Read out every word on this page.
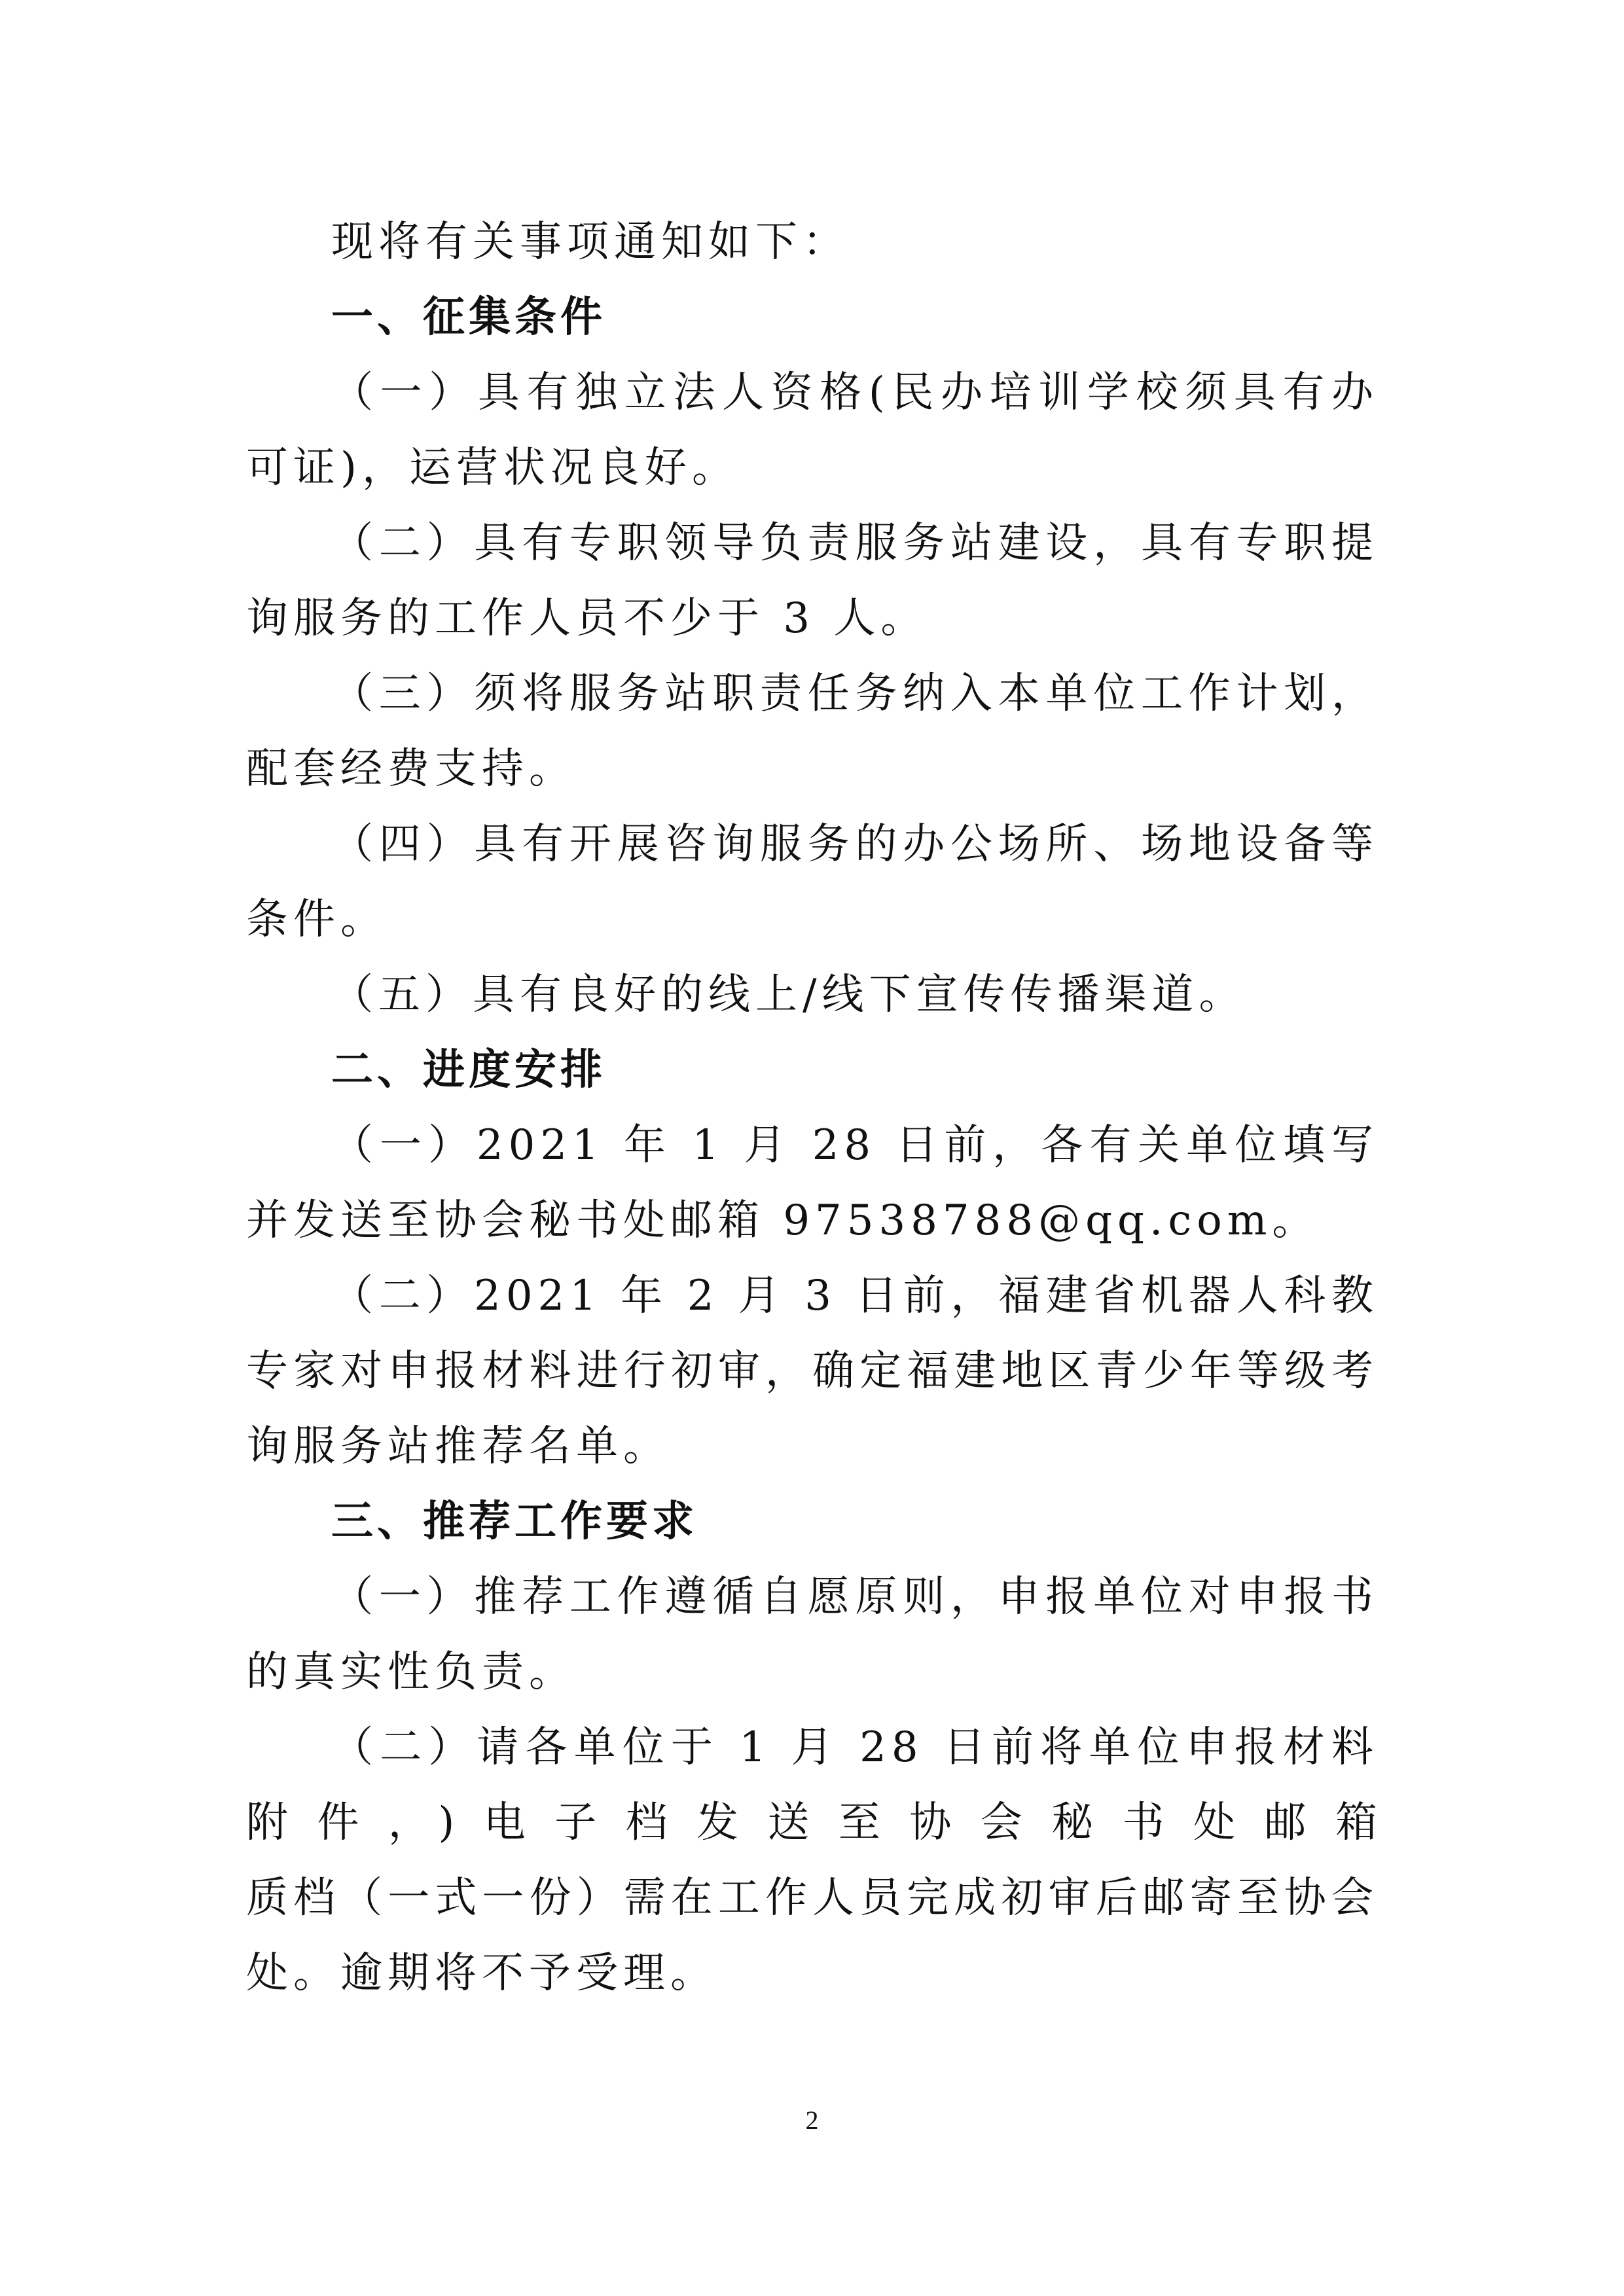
现将有关事项通知如下：
一、征集条件
（一）具有独立法人资格(民办培训学校须具有办
可证)，运营状况良好。
（二）具有专职领导负责服务站建设，具有专职提
询服务的工作人员不少于 3 人。
（三）须将服务站职责任务纳入本单位工作计划，
配套经费支持。
（四）具有开展咨询服务的办公场所、场地设备等
条件。
（五）具有良好的线上/线下宣传传播渠道。
二、进度安排
（一）2021 年 1 月 28 日前，各有关单位填写
并发送至协会秘书处邮箱 97538788@qq.com。
（二）2021 年 2 月 3 日前，福建省机器人科教
专家对申报材料进行初审，确定福建地区青少年等级考
询服务站推荐名单。
三、推荐工作要求
（一）推荐工作遵循自愿原则，申报单位对申报书
的真实性负责。
（二）请各单位于 1 月 28 日前将单位申报材料
附件，)电子档发送至协会秘书处邮箱
质档（一式一份）需在工作人员完成初审后邮寄至协会
处。逾期将不予受理。
2
